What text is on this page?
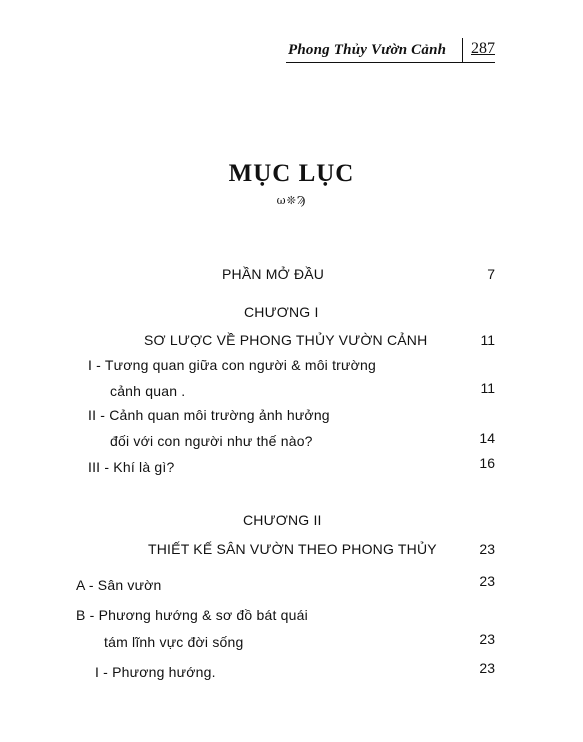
Phong Thủy Vườn Cảnh	287
MỤC LỤC
ω❊Ϡ
PHẦN MỞ ĐẦU	7
CHƯƠNG I
SƠ LƯỢC VỀ PHONG THỦY VƯỜN CẢNH	11
I - Tương quan giữa con người & môi trường
cảnh quan .	11
II - Cảnh quan môi trường ảnh hưởng
đối với con người như thế nào?	14
III - Khí là gì?	16
CHƯƠNG II
THIẾT KẾ SÂN VƯỜN THEO PHONG THỦY	23
A - Sân vườn	23
B - Phương hướng & sơ đồ bát quái
tám lĩnh vực đời sống	23
I - Phương hướng.	23
